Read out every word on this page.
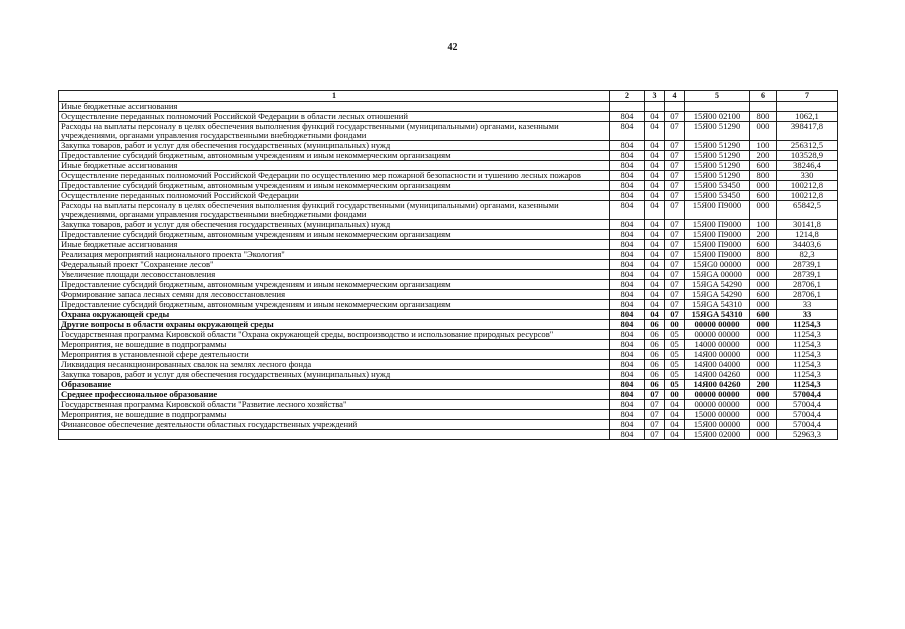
42
1	2	3	4	5	6	7
Иные бюджетные ассигнования						
Осуществление переданных полномочий Российской Федерации в области лесных отношений	804	04	07	15Я00 02100	800	1062,1
Расходы на выплаты персоналу в целях обеспечения выполнения функций государственными (муниципальными) органами, казенными учреждениями, органами управления государственными внебюджетными фондами	804	04	07	15Я00 51290	000	398417,8
Закупка товаров, работ и услуг для обеспечения государственных (муниципальных) нужд	804	04	07	15Я00 51290	100	256312,5
Предоставление субсидий бюджетным, автономным учреждениям и иным некоммерческим организациям	804	04	07	15Я00 51290	200	103528,9
Иные бюджетные ассигнования	804	04	07	15Я00 51290	600	38246,4
Осуществление переданных полномочий Российской Федерации по осуществлению мер пожарной безопасности и тушению лесных пожаров	804	04	07	15Я00 51290	800	330
Предоставление субсидий бюджетным, автономным учреждениям и иным некоммерческим организациям	804	04	07	15Я00 53450	000	100212,8
Осуществление переданных полномочий Российской Федерации	804	04	07	15Я00 53450	600	100212,8
Расходы на выплаты персоналу в целях обеспечения выполнения функций государственными (муниципальными) органами, казенными учреждениями, органами управления государственными внебюджетными фондами	804	04	07	15Я00 П9000	000	65842,5
Закупка товаров, работ и услуг для обеспечения государственных (муниципальных) нужд	804	04	07	15Я00 П9000	100	30141,8
Предоставление субсидий бюджетным, автономным учреждениям и иным некоммерческим организациям	804	04	07	15Я00 П9000	200	1214,8
Иные бюджетные ассигнования	804	04	07	15Я00 П9000	600	34403,6
Реализация мероприятий национального проекта "Экология"	804	04	07	15Я00 П9000	800	82,3
Федеральный проект "Сохранение лесов"	804	04	07	15ЯG0 00000	000	28739,1
Увеличение площади лесовосстановления	804	04	07	15ЯGA 00000	000	28739,1
Предоставление субсидий бюджетным, автономным учреждениям и иным некоммерческим организациям	804	04	07	15ЯGA 54290	000	28706,1
Формирование запаса лесных семян для лесовосстановления	804	04	07	15ЯGA 54290	600	28706,1
Предоставление субсидий бюджетным, автономным учреждениям и иным некоммерческим организациям	804	04	07	15ЯGA 54310	000	33
Охрана окружающей среды	804	04	07	15ЯGA 54310	600	33
Другие вопросы в области охраны окружающей среды	804	06	00	00000 00000	000	11254,3
Государственная программа Кировской области "Охрана окружающей среды, воспроизводство и использование природных ресурсов"	804	06	05	00000 00000	000	11254,3
Мероприятия, не вошедшие в подпрограммы	804	06	05	14000 00000	000	11254,3
Мероприятия в установленной сфере деятельности	804	06	05	14Я00 00000	000	11254,3
Ликвидация несанкционированных свалок на землях лесного фонда	804	06	05	14Я00 04000	000	11254,3
Закупка товаров, работ и услуг для обеспечения государственных (муниципальных) нужд	804	06	05	14Я00 04260	000	11254,3
Образование	804	06	05	14Я00 04260	200	11254,3
Среднее профессиональное образование	804	07	00	00000 00000	000	57004,4
Государственная программа Кировской области "Развитие лесного хозяйства"	804	07	04	00000 00000	000	57004,4
Мероприятия, не вошедшие в подпрограммы	804	07	04	15000 00000	000	57004,4
Финансовое обеспечение деятельности областных государственных учреждений	804	07	04	15Я00 00000	000	57004,4
	804	07	04	15Я00 02000	000	52963,3
